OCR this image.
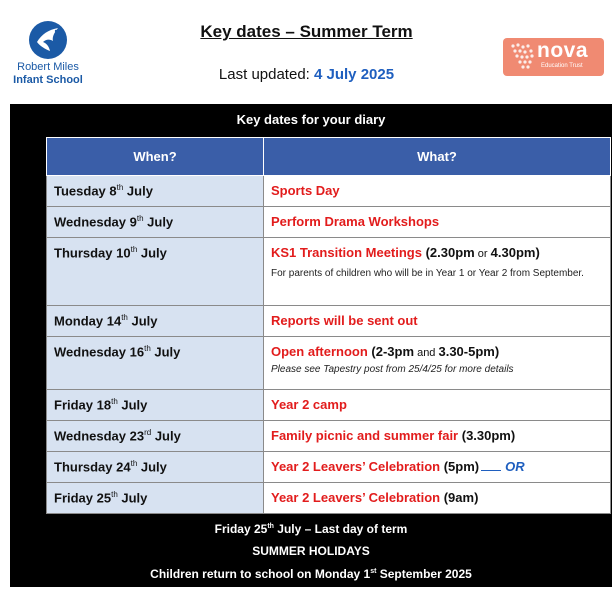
Robert Miles
Infant School
Key dates – Summer Term
Last updated: 4 July 2025
nova
Education Trust
Key dates for your diary
When?	What?
Tuesday 8th July	Sports Day
Wednesday 9th July	Perform Drama Workshops
Thursday 10th July	KS1 Transition Meetings (2.30pm or 4.30pm)
For parents of children who will be in Year 1 or Year 2 from September.

Monday 14th July	Reports will be sent out
Wednesday 16th July	Open afternoon (2-3pm and 3.30-5pm)
Please see Tapestry post from 25/4/25 for more details

Friday 18th July	Year 2 camp
Wednesday 23rd July	Family picnic and summer fair (3.30pm)
Thursday 24th July	Year 2 Leavers’ Celebration (5pm) OR
Friday 25th July	Year 2 Leavers’ Celebration (9am)
Friday 25th July – Last day of term
SUMMER HOLIDAYS
Children return to school on Monday 1st September 2025
